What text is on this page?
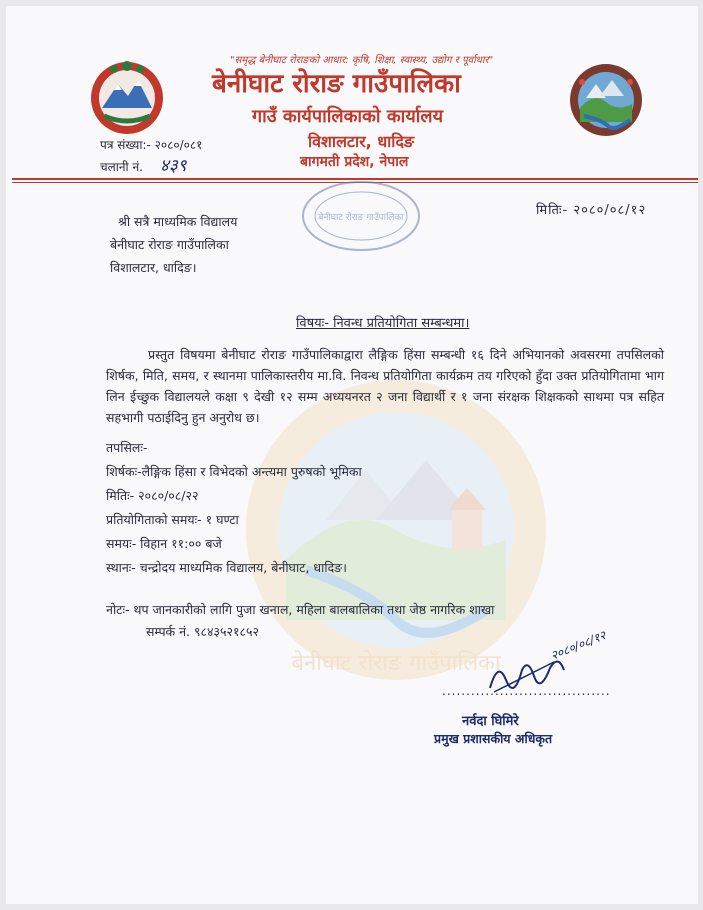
बेनीघाट रोराङ गाउँपालिका
"समृद्ध बेनीघाट रोराङको आधार: कृषि, शिक्षा, स्वास्थ्य, उद्योग र पूर्वाधार"
बेनीघाट रोराङ गाउँपालिका
गाउँ कार्यपालिकाको कार्यालय
विशालटार, धादिङ
बागमती प्रदेश, नेपाल
पत्र संख्या:- २०८०/०८१
चलानी नं. ४३९
बेनीघाट रोराङ गाउँपालिका	मितिः- २०८०/०८/१२
श्री सत्रै माध्यमिक विद्यालय
बेनीघाट रोराङ गाउँपालिका
विशालटार, धादिङ।
विषयः- निवन्ध प्रतियोगिता सम्बन्धमा।
प्रस्तुत विषयमा बेनीघाट रोराङ गाउँपालिकाद्वारा लैङ्गिक हिंसा सम्बन्धी १६ दिने अभियानको अवसरमा तपसिलको शिर्षक, मिति, समय, र स्थानमा पालिकास्तरीय मा.वि. निवन्ध प्रतियोगिता कार्यक्रम तय गरिएको हुँदा उक्त प्रतियोगितामा भाग लिन ईच्छुक विद्यालयले कक्षा ९ देखी १२ सम्म अध्ययनरत २ जना विद्यार्थी र १ जना संरक्षक शिक्षकको साथमा पत्र सहित सहभागी पठाईदिनु हुन अनुरोध छ।
तपसिलः-
शिर्षकः-लैङ्गिक हिंसा र विभेदको अन्त्यमा पुरुषको भूमिका
मितिः- २०८०/०८/२२
प्रतियोगिताको समयः- १ घण्टा
समयः- विहान ११:०० बजे
स्थानः- चन्द्रोदय माध्यमिक विद्यालय, बेनीघाट, धादिङ।
नोटः- थप जानकारीको लागि पुजा खनाल, महिला बालबालिका तथा जेष्ठ नागरिक शाखा
सम्पर्क नं. ९८४३५२१८५२	२०८०/०८/१२
...................................
नर्वदा घिमिरे
प्रमुख प्रशासकीय अधिकृत
